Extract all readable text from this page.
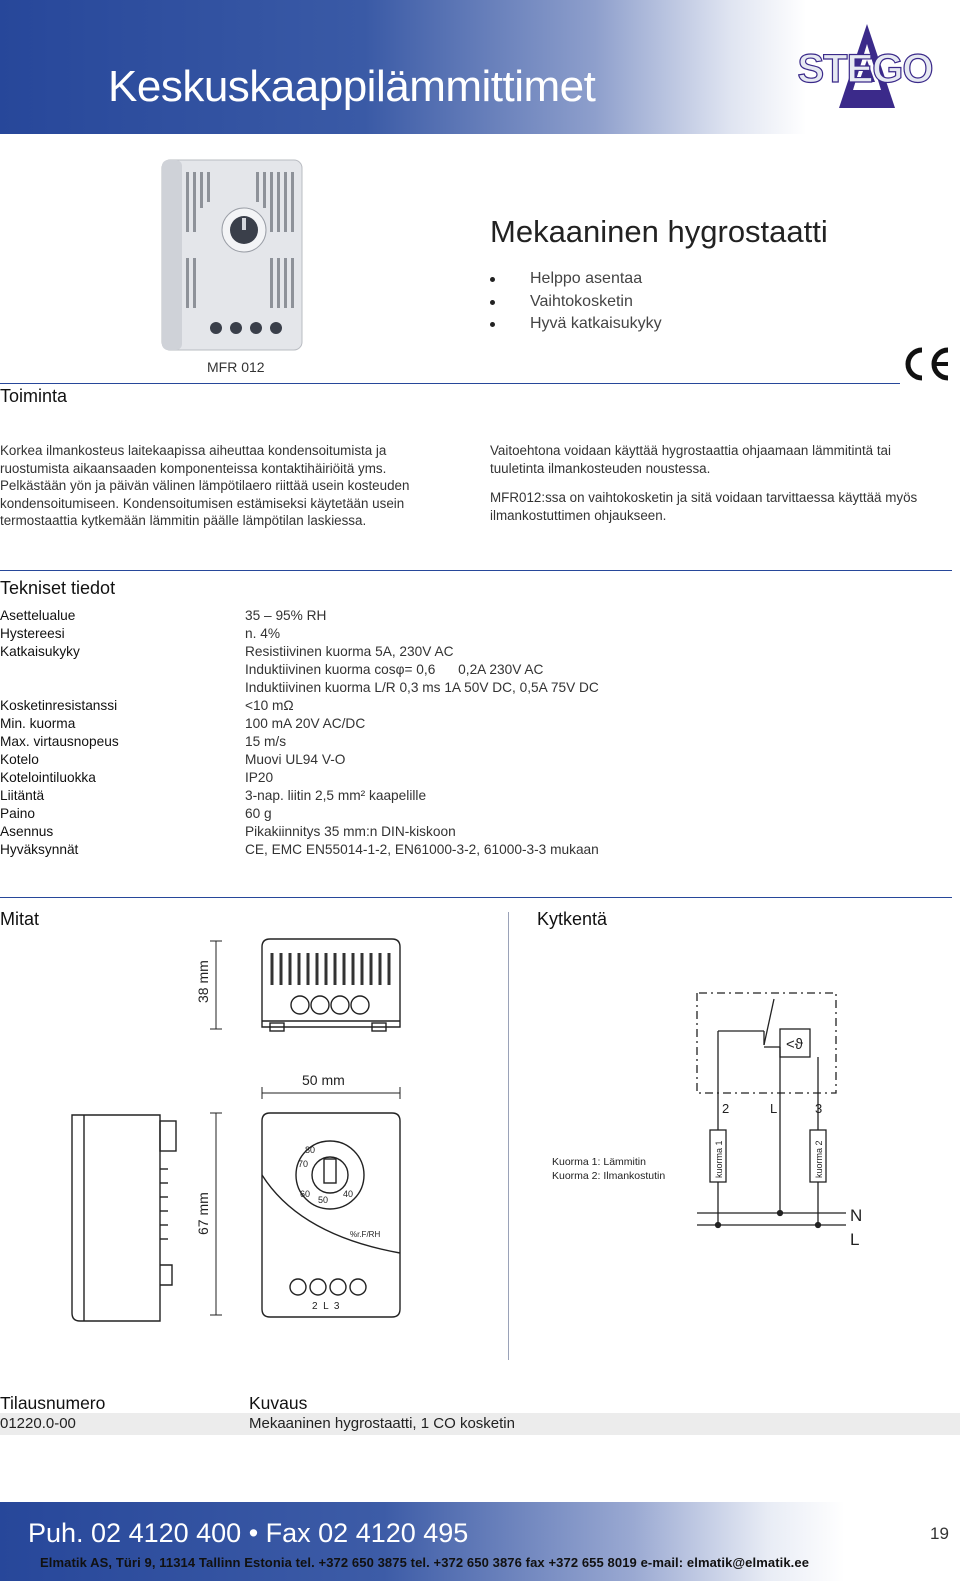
Keskuskaappilämmittimet	STEGO
MFR 012
Mekaaninen hygrostaatti
Helppo asentaa
Vaihtokosketin
Hyvä katkaisukyky
Toiminta

Korkea ilmankosteus laitekaapissa aiheuttaa kondensoitumista ja ruostumista aikaansaaden komponenteissa kontaktihäiriöitä yms. Pelkästään yön ja päivän välinen lämpötilaero riittää usein kosteuden kondensoitumiseen. Kondensoitumisen estämiseksi käytetään usein termostaattia kytkemään lämmitin päälle lämpötilan laskiessa.

Vaitoehtona voidaan käyttää hygrostaattia ohjaamaan lämmitintä tai tuuletinta ilmankosteuden noustessa.

MFR012:ssa on vaihtokosketin ja sitä voidaan tarvittaessa käyttää myös ilmankostuttimen ohjaukseen.

Tekniset tiedot
Asettelualue	35 – 95% RH
Hystereesi	n. 4%
Katkaisukyky	Resistiivinen kuorma 5A, 230V AC
Induktiivinen kuorma cosφ= 0,6      0,2A 230V AC
Induktiivinen kuorma L/R 0,3 ms 1A 50V DC, 0,5A 75V DC
Kosketinresistanssi	<10 mΩ
Min. kuorma	100 mA 20V AC/DC
Max. virtausnopeus	15 m/s
Kotelo	Muovi UL94 V-O
Kotelointiluokka	IP20
Liitäntä	3-nap. liitin 2,5 mm² kaapelille
Paino	60 g
Asennus	Pikakiinnitys 35 mm:n DIN-kiskoon
Hyväksynnät	CE, EMC EN55014-1-2, EN61000-3-2, 61000-3-3 mukaan
Mitat	Kytkentä
38 mm
50 mm
67 mm
80
70
60
50
40
%r.F/RH
2  L  3
<ϑ
2	L	3
kuorma 1	kuorma 2
Kuorma 1: Lämmitin
Kuorma 2: Ilmankostutin
N
L
Tilausnumero	Kuvaus
01220.0-00	Mekaaninen hygrostaatti, 1 CO kosketin
Puh. 02 4120 400 • Fax 02 4120 495	19
Elmatik AS, Türi 9, 11314 Tallinn Estonia tel. +372 650 3875 tel. +372 650 3876 fax +372 655 8019 e-mail: elmatik@elmatik.ee
